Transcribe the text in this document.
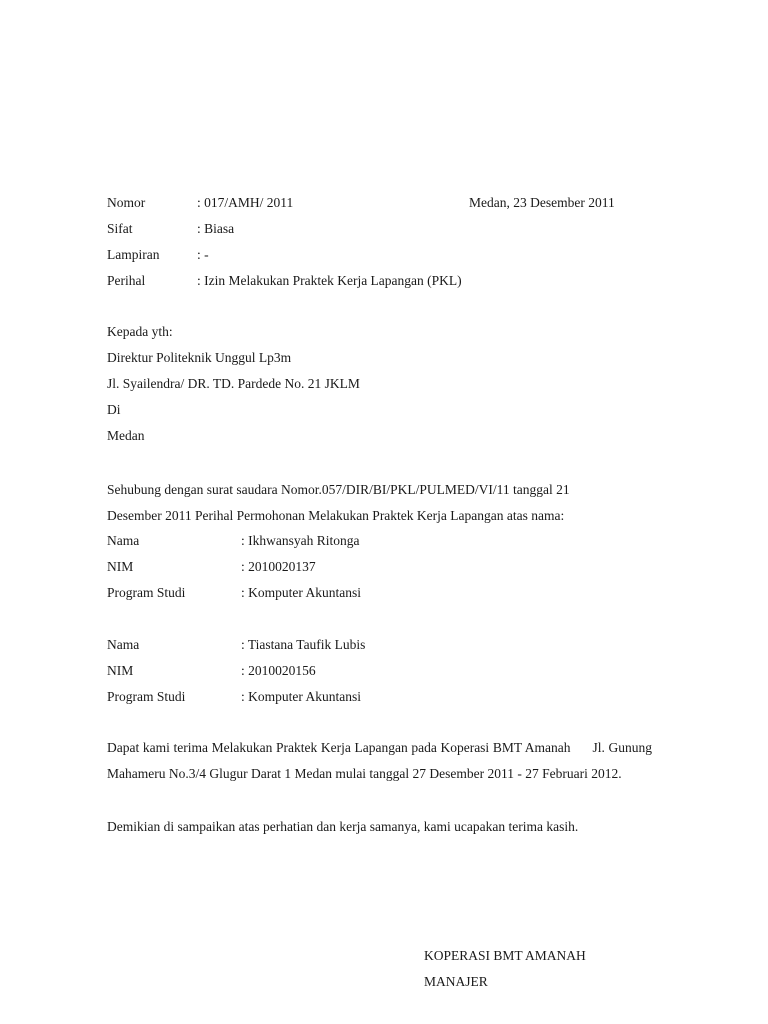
Nomor	: 017/AMH/ 2011	Medan, 23 Desember 2011
Sifat	: Biasa
Lampiran	: -
Perihal	: Izin Melakukan Praktek Kerja Lapangan (PKL)
Kepada yth:
Direktur Politeknik Unggul Lp3m
Jl. Syailendra/ DR. TD. Pardede No. 21 JKLM
Di
Medan
Sehubung dengan surat saudara Nomor.057/DIR/BI/PKL/PULMED/VI/11 tanggal 21
Desember 2011 Perihal Permohonan Melakukan Praktek Kerja Lapangan atas nama:
Nama	: Ikhwansyah Ritonga
NIM	: 2010020137
Program Studi	: Komputer Akuntansi
Nama	: Tiastana Taufik Lubis
NIM	: 2010020156
Program Studi	: Komputer Akuntansi
Dapat kami terima Melakukan Praktek Kerja Lapangan pada Koperasi BMT Amanah Jl. Gunung Mahameru No.3/4 Glugur Darat 1 Medan mulai tanggal 27 Desember 2011 - 27 Februari 2012.
Demikian di sampaikan atas perhatian dan kerja samanya, kami ucapakan terima kasih.
KOPERASI BMT AMANAH
MANAJER
